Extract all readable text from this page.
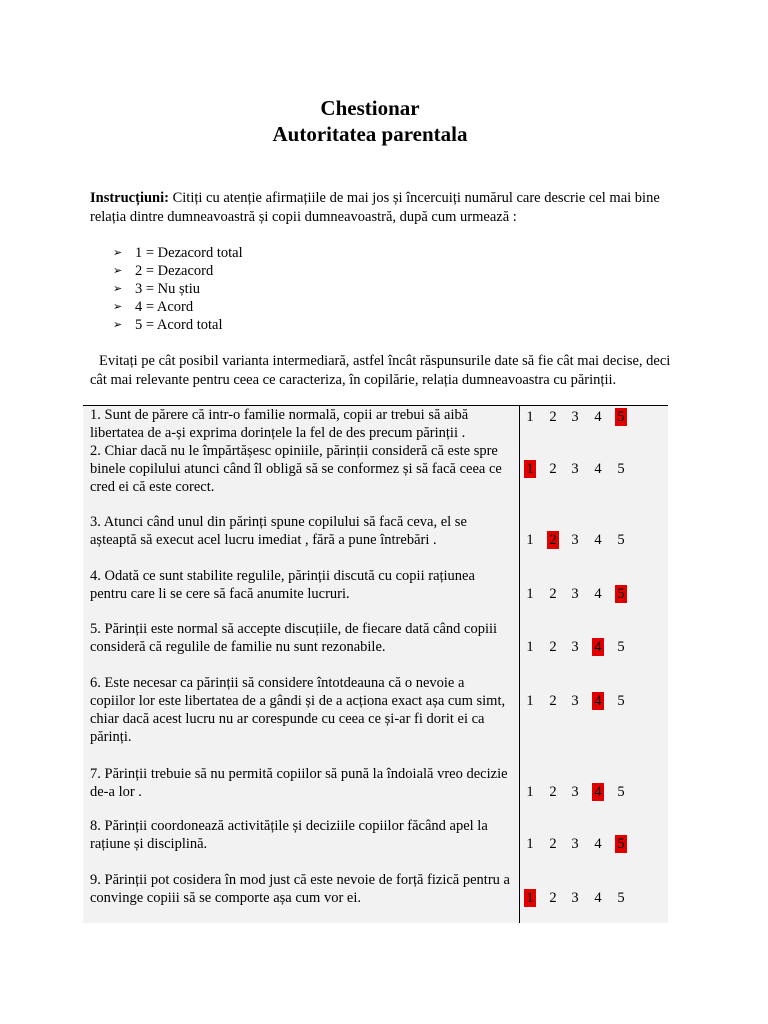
Chestionar
Autoritatea parentala
Instrucțiuni: Citiți cu atenție afirmațiile de mai jos și încercuiți numărul care descrie cel mai bine relația dintre dumneavoastră și copii dumneavoastră, după cum urmează :
➢ 1 = Dezacord total
➢ 2 = Dezacord
➢ 3 = Nu știu
➢ 4 = Acord
➢ 5 = Acord total
Evitați pe cât posibil varianta intermediară, astfel încât răspunsurile date să fie cât mai decise, deci cât mai relevante pentru ceea ce caracteriza, în copilărie, relația dumneavoastra cu părinții.
1. Sunt de părere că intr-o familie normală, copii ar trebui să aibă libertatea de a-și exprima dorințele la fel de des precum părinții .
1 2 3 4 5
2. Chiar dacă nu le împărtășesc opiniile, părinții consideră că este spre binele copilului atunci când îl obligă să se conformez și să facă ceea ce cred ei că este corect.
1 2 3 4 5
3. Atunci când unul din părinți spune copilului să facă ceva, el se așteaptă să execut acel lucru imediat , fără a pune întrebări .	1 2 3 4 5
4. Odată ce sunt stabilite regulile, părinții discută cu copii rațiunea pentru care li se cere să facă anumite lucruri.	1 2 3 4 5
5. Părinții este normal să accepte discuțiile, de fiecare dată când copiii consideră că regulile de familie nu sunt rezonabile.	1 2 3 4 5
6. Este necesar ca părinții să considere întotdeauna că o nevoie a copiilor lor este libertatea de a gândi și de a acționa exact așa cum simt, chiar dacă acest lucru nu ar corespunde cu ceea ce și-ar fi dorit ei ca părinți.
1 2 3 4 5
7. Părinții trebuie să nu permită copiilor să pună la îndoială vreo decizie de-a lor .	1 2 3 4 5
8. Părinții coordonează activitățile și deciziile copiilor făcând apel la rațiune și disciplină.	1 2 3 4 5
9. Părinții pot cosidera în mod just că este nevoie de forță fizică pentru a convinge copiii să se comporte așa cum vor ei.	1 2 3 4 5
